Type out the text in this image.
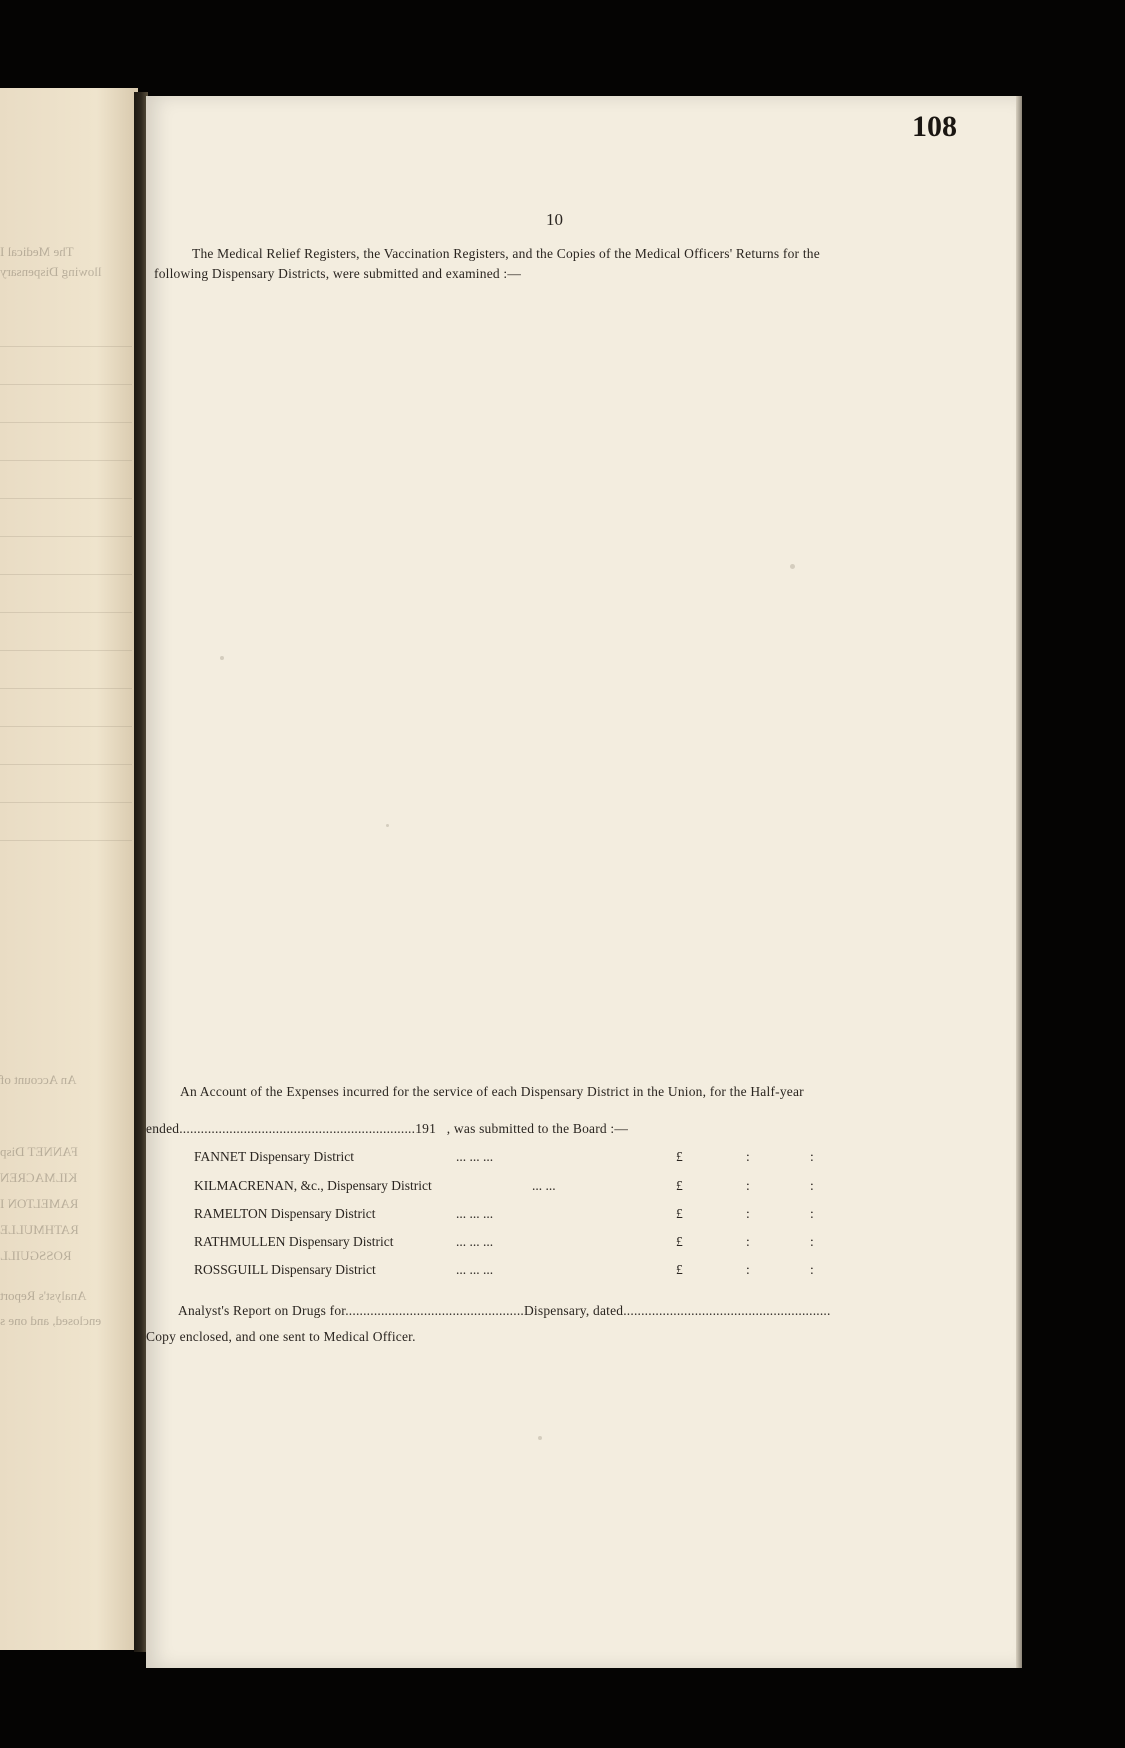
The Medical I
llowing Dispensary
An Account of
FANNET Disp
KILMACREN
RAMELTON I
RATHMULLE
ROSSGUILL
Analyst's Report
enclosed, and one s
108
10
The Medical Relief Registers, the Vaccination Registers, and the Copies of the Medical Officers' Returns for the
following Dispensary Districts, were submitted and examined :—
An Account of the Expenses incurred for the service of each Dispensary District in the Union, for the Half-year
ended..................................................................191 , was submitted to the Board :—
FANNET Dispensary District	... ... ...	£	:	:
KILMACRENAN, &c., Dispensary District	... ...	£	:	:
RAMELTON Dispensary District	... ... ...	£	:	:
RATHMULLEN Dispensary District	... ... ...	£	:	:
ROSSGUILL Dispensary District	... ... ...	£	:	:
Analyst's Report on Drugs for..................................................Dispensary, dated..........................................................
Copy enclosed, and one sent to Medical Officer.
